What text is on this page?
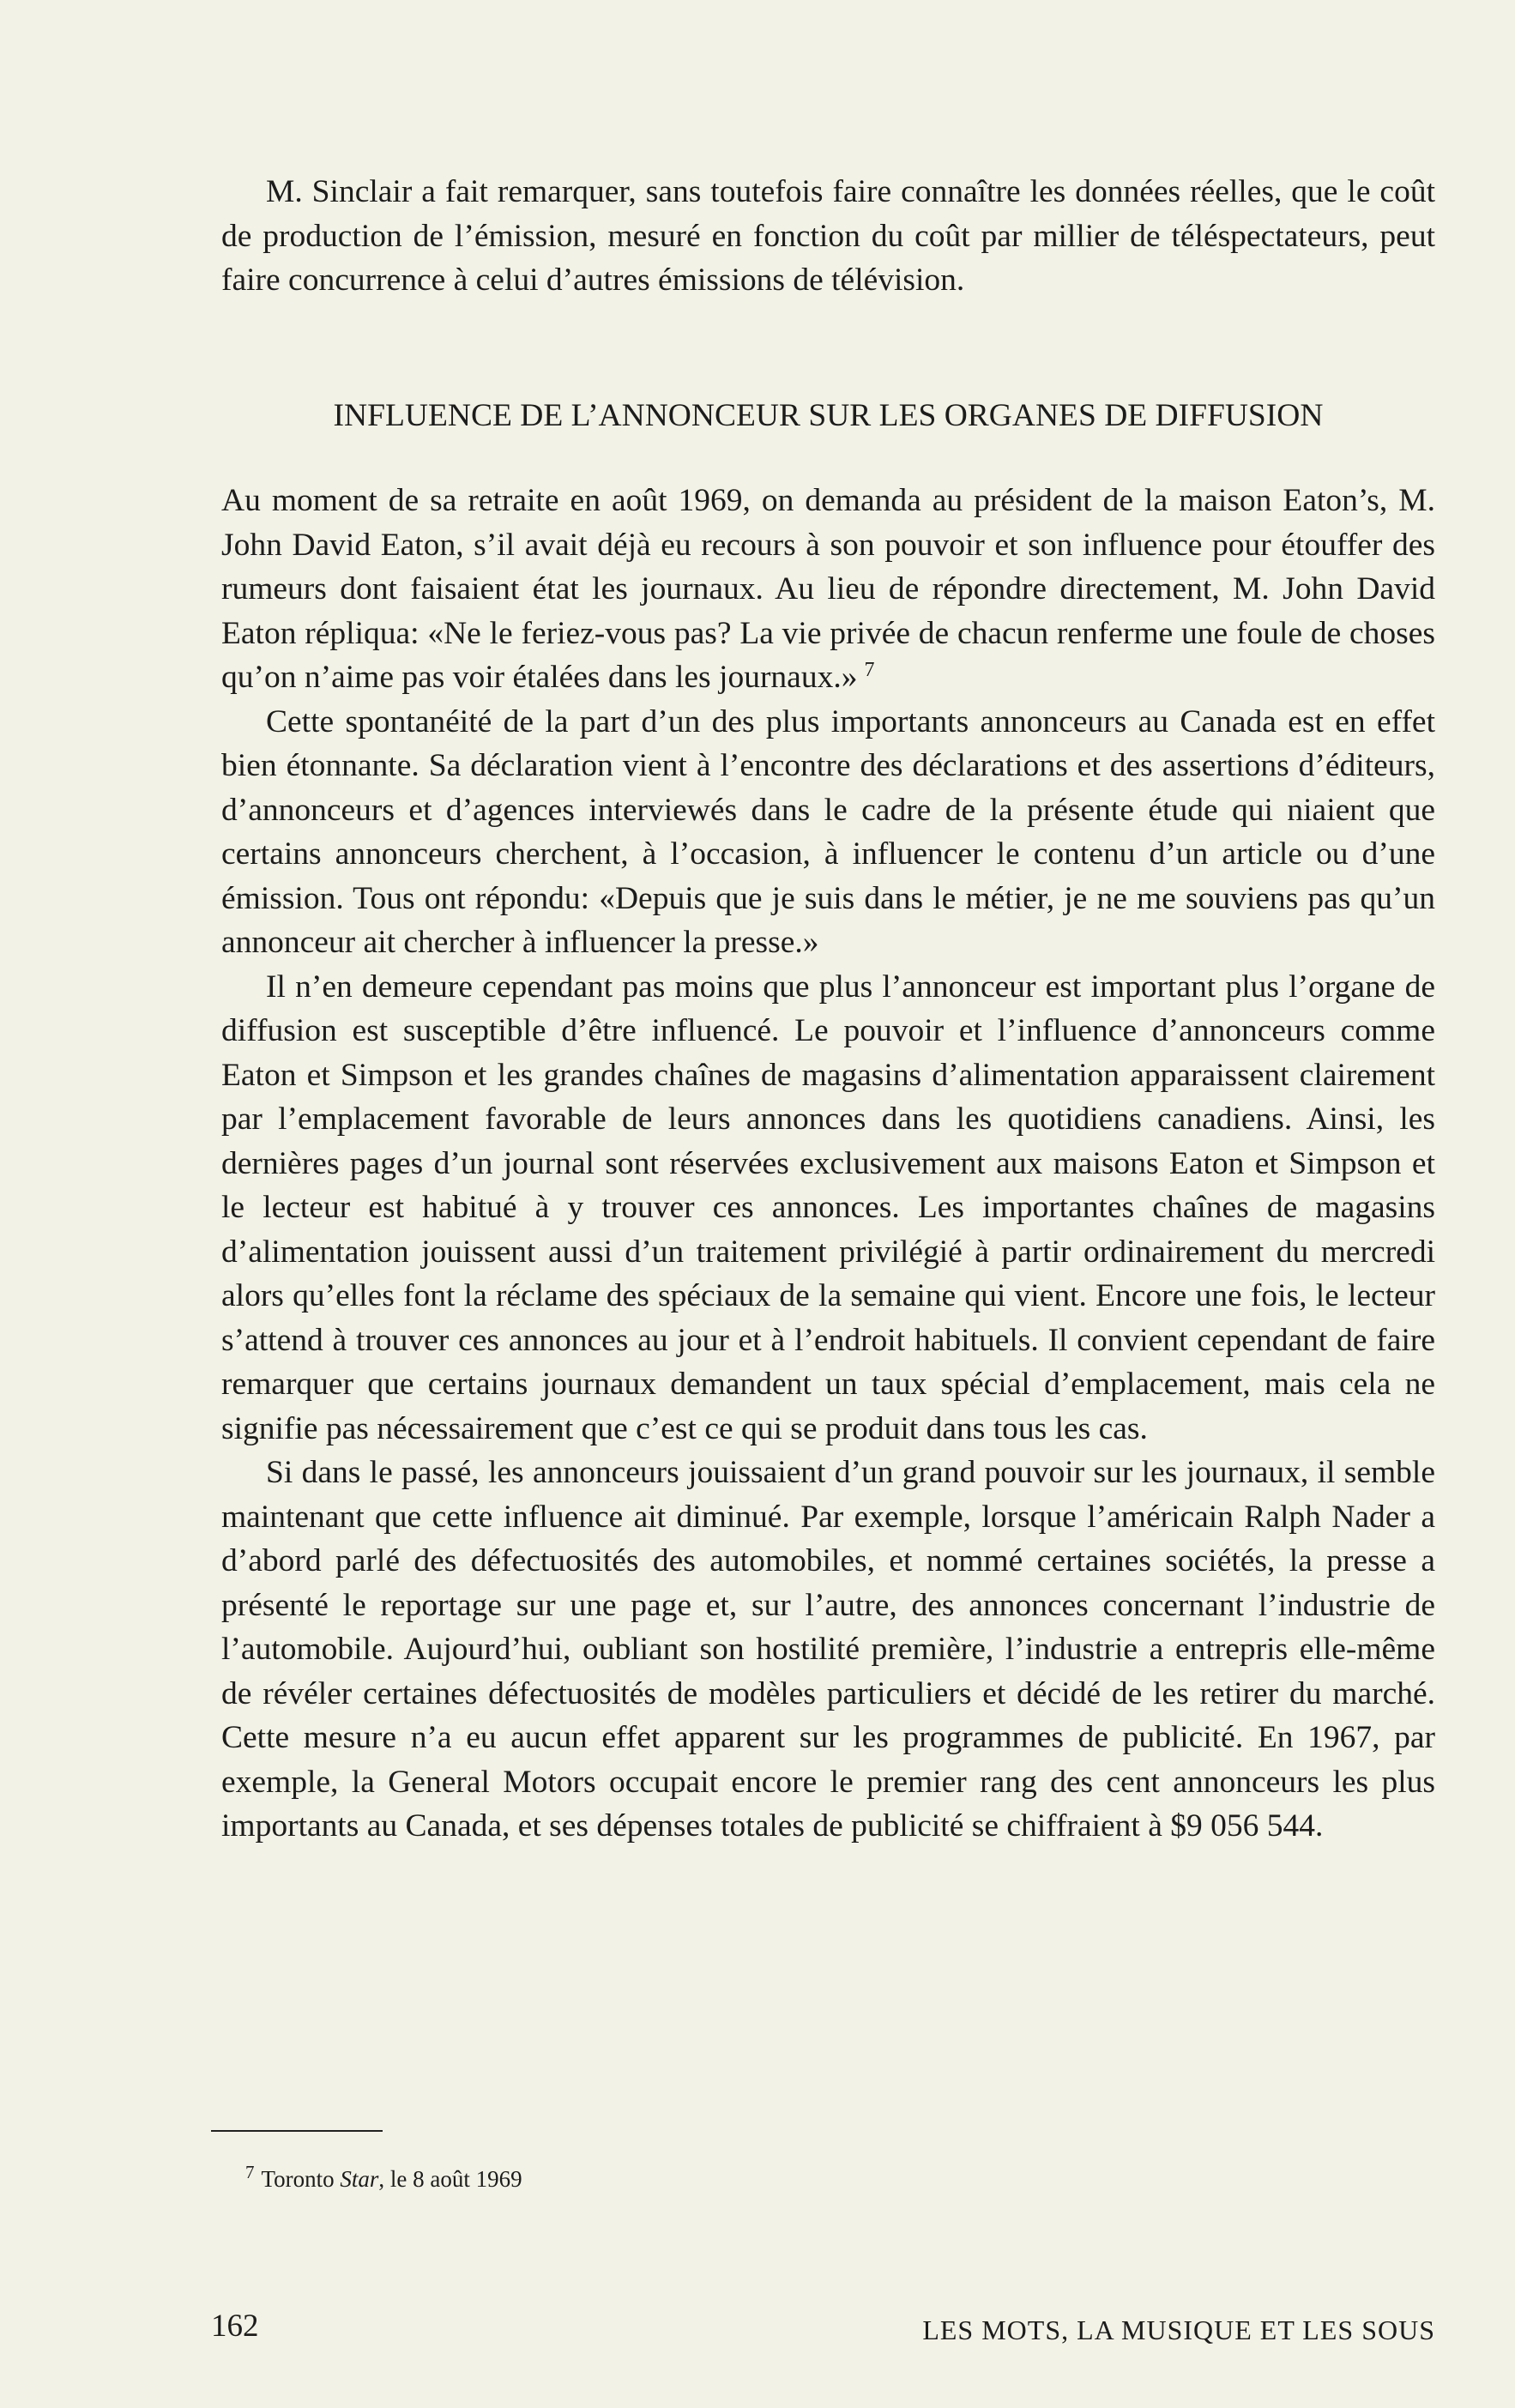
M. Sinclair a fait remarquer, sans toutefois faire connaître les données réelles, que le coût de production de l’émission, mesuré en fonction du coût par millier de téléspectateurs, peut faire concurrence à celui d’autres émissions de télévision.

INFLUENCE DE L’ANNONCEUR SUR LES ORGANES DE DIFFUSION

Au moment de sa retraite en août 1969, on demanda au président de la maison Eaton’s, M. John David Eaton, s’il avait déjà eu recours à son pouvoir et son influence pour étouffer des rumeurs dont faisaient état les journaux. Au lieu de répondre directement, M. John David Eaton répliqua: «Ne le feriez-vous pas? La vie privée de chacun renferme une foule de choses qu’on n’aime pas voir étalées dans les journaux.» $^7$

Cette spontanéité de la part d’un des plus importants annonceurs au Canada est en effet bien étonnante. Sa déclaration vient à l’encontre des déclarations et des assertions d’éditeurs, d’annonceurs et d’agences interviewés dans le cadre de la présente étude qui niaient que certains annonceurs cherchent, à l’occasion, à influencer le contenu d’un article ou d’une émission. Tous ont répondu: «Depuis que je suis dans le métier, je ne me souviens pas qu’un annonceur ait chercher à influencer la presse.»

Il n’en demeure cependant pas moins que plus l’annonceur est important plus l’organe de diffusion est susceptible d’être influencé. Le pouvoir et l’influence d’annonceurs comme Eaton et Simpson et les grandes chaînes de magasins d’alimentation apparaissent clairement par l’emplacement favorable de leurs annonces dans les quotidiens canadiens. Ainsi, les dernières pages d’un journal sont réservées exclusivement aux maisons Eaton et Simpson et le lecteur est habitué à y trouver ces annonces. Les importantes chaînes de magasins d’alimentation jouissent aussi d’un traitement privilégié à partir ordinairement du mercredi alors qu’elles font la réclame des spéciaux de la semaine qui vient. Encore une fois, le lecteur s’attend à trouver ces annonces au jour et à l’endroit habituels. Il convient cependant de faire remarquer que certains journaux demandent un taux spécial d’emplacement, mais cela ne signifie pas nécessairement que c’est ce qui se produit dans tous les cas.

Si dans le passé, les annonceurs jouissaient d’un grand pouvoir sur les journaux, il semble maintenant que cette influence ait diminué. Par exemple, lorsque l’américain Ralph Nader a d’abord parlé des défectuosités des automobiles, et nommé certaines sociétés, la presse a présenté le reportage sur une page et, sur l’autre, des annonces concernant l’industrie de l’automobile. Aujourd’hui, oubliant son hostilité première, l’industrie a entrepris elle-même de révéler certaines défectuosités de modèles particuliers et décidé de les retirer du marché. Cette mesure n’a eu aucun effet apparent sur les programmes de publicité. En 1967, par exemple, la General Motors occupait encore le premier rang des cent annonceurs les plus importants au Canada, et ses dépenses totales de publicité se chiffraient à $9 056 544.

$^7$ Toronto Star, le 8 août 1969
162	LES MOTS, LA MUSIQUE ET LES SOUS
